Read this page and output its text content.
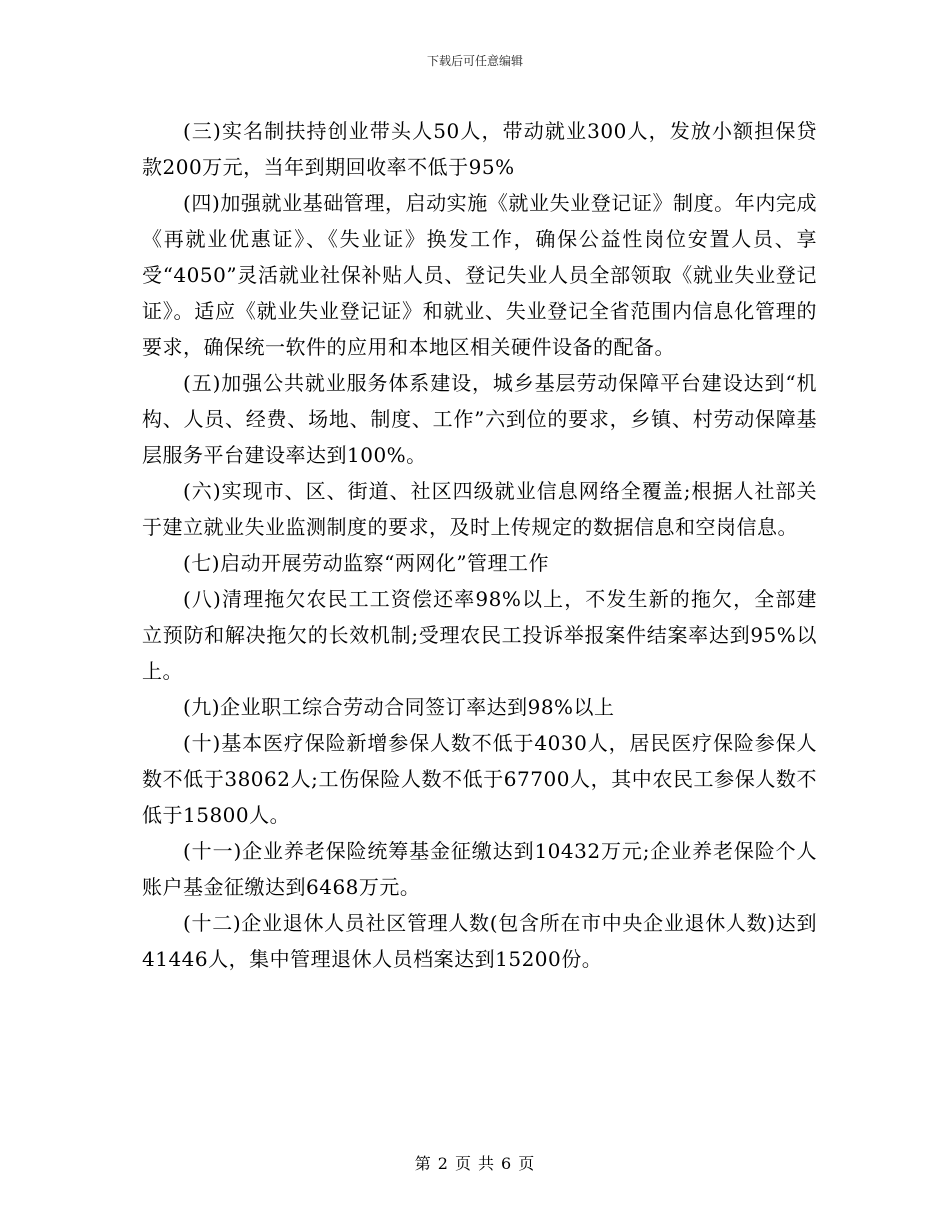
下载后可任意编辑

(三)实名制扶持创业带头人50人，带动就业300人，发放小额担保贷款200万元，当年到期回收率不低于95%

(四)加强就业基础管理，启动实施《就业失业登记证》制度。年内完成《再就业优惠证》、《失业证》换发工作，确保公益性岗位安置人员、享受“4050”灵活就业社保补贴人员、登记失业人员全部领取《就业失业登记证》。适应《就业失业登记证》和就业、失业登记全省范围内信息化管理的要求，确保统一软件的应用和本地区相关硬件设备的配备。

(五)加强公共就业服务体系建设，城乡基层劳动保障平台建设达到“机构、人员、经费、场地、制度、工作”六到位的要求，乡镇、村劳动保障基层服务平台建设率达到100%。

(六)实现市、区、街道、社区四级就业信息网络全覆盖;根据人社部关于建立就业失业监测制度的要求，及时上传规定的数据信息和空岗信息。

(七)启动开展劳动监察“两网化”管理工作

(八)清理拖欠农民工工资偿还率98%以上，不发生新的拖欠，全部建立预防和解决拖欠的长效机制;受理农民工投诉举报案件结案率达到95%以上。

(九)企业职工综合劳动合同签订率达到98%以上

(十)基本医疗保险新增参保人数不低于4030人，居民医疗保险参保人数不低于38062人;工伤保险人数不低于67700人，其中农民工参保人数不低于15800人。

(十一)企业养老保险统筹基金征缴达到10432万元;企业养老保险个人账户基金征缴达到6468万元。

(十二)企业退休人员社区管理人数(包含所在市中央企业退休人数)达到41446人，集中管理退休人员档案达到15200份。

第 2 页 共 6 页
